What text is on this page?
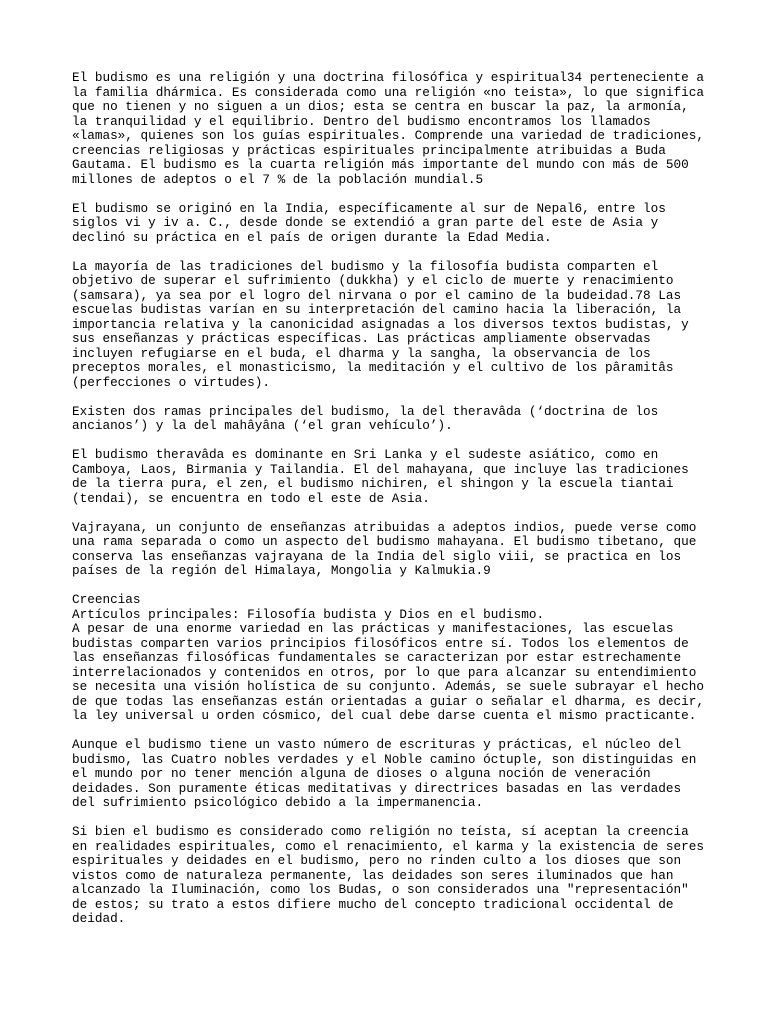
El budismo es una religión y una doctrina filosófica y espiritual34 perteneciente a
la familia dhármica. Es considerada como una religión «no teista», lo que significa
que no tienen y no siguen a un dios; esta se centra en buscar la paz, la armonía,
la tranquilidad y el equilibrio. Dentro del budismo encontramos los llamados
«lamas», quienes son los guías espirituales. Comprende una variedad de tradiciones,
creencias religiosas y prácticas espirituales principalmente atribuidas a Buda
Gautama. El budismo es la cuarta religión más importante del mundo con más de 500
millones de adeptos o el 7 % de la población mundial.5

El budismo se originó en la India, específicamente al sur de Nepal6, entre los
siglos vi y iv a. C., desde donde se extendió a gran parte del este de Asia y
declinó su práctica en el país de origen durante la Edad Media.

La mayoría de las tradiciones del budismo y la filosofía budista comparten el
objetivo de superar el sufrimiento (dukkha) y el ciclo de muerte y renacimiento
(samsara), ya sea por el logro del nirvana o por el camino de la budeidad.78 Las
escuelas budistas varían en su interpretación del camino hacia la liberación, la
importancia relativa y la canonicidad asignadas a los diversos textos budistas, y
sus enseñanzas y prácticas específicas. Las prácticas ampliamente observadas
incluyen refugiarse en el buda, el dharma y la sangha, la observancia de los
preceptos morales, el monasticismo, la meditación y el cultivo de los pâramitâs
(perfecciones o virtudes).

Existen dos ramas principales del budismo, la del theravâda (‘doctrina de los
ancianos’) y la del mahâyâna (‘el gran vehículo’).

El budismo theravâda es dominante en Sri Lanka y el sudeste asiático, como en
Camboya, Laos, Birmania y Tailandia. El del mahayana, que incluye las tradiciones
de la tierra pura, el zen, el budismo nichiren, el shingon y la escuela tiantai
(tendai), se encuentra en todo el este de Asia.

Vajrayana, un conjunto de enseñanzas atribuidas a adeptos indios, puede verse como
una rama separada o como un aspecto del budismo mahayana. El budismo tibetano, que
conserva las enseñanzas vajrayana de la India del siglo viii, se practica en los
países de la región del Himalaya, Mongolia y Kalmukia.9

Creencias

Artículos principales: Filosofía budista y Dios en el budismo.

A pesar de una enorme variedad en las prácticas y manifestaciones, las escuelas
budistas comparten varios principios filosóficos entre sí. Todos los elementos de
las enseñanzas filosóficas fundamentales se caracterizan por estar estrechamente
interrelacionados y contenidos en otros, por lo que para alcanzar su entendimiento
se necesita una visión holística de su conjunto. Además, se suele subrayar el hecho
de que todas las enseñanzas están orientadas a guiar o señalar el dharma, es decir,
la ley universal u orden cósmico, del cual debe darse cuenta el mismo practicante.

Aunque el budismo tiene un vasto número de escrituras y prácticas, el núcleo del
budismo, las Cuatro nobles verdades y el Noble camino óctuple, son distinguidas en
el mundo por no tener mención alguna de dioses o alguna noción de veneración
deidades. Son puramente éticas meditativas y directrices basadas en las verdades
del sufrimiento psicológico debido a la impermanencia.

Si bien el budismo es considerado como religión no teísta, sí aceptan la creencia
en realidades espirituales, como el renacimiento, el karma y la existencia de seres
espirituales y deidades en el budismo, pero no rinden culto a los dioses que son
vistos como de naturaleza permanente, las deidades son seres iluminados que han
alcanzado la Iluminación, como los Budas, o son considerados una "representación"
de estos; su trato a estos difiere mucho del concepto tradicional occidental de
deidad.
